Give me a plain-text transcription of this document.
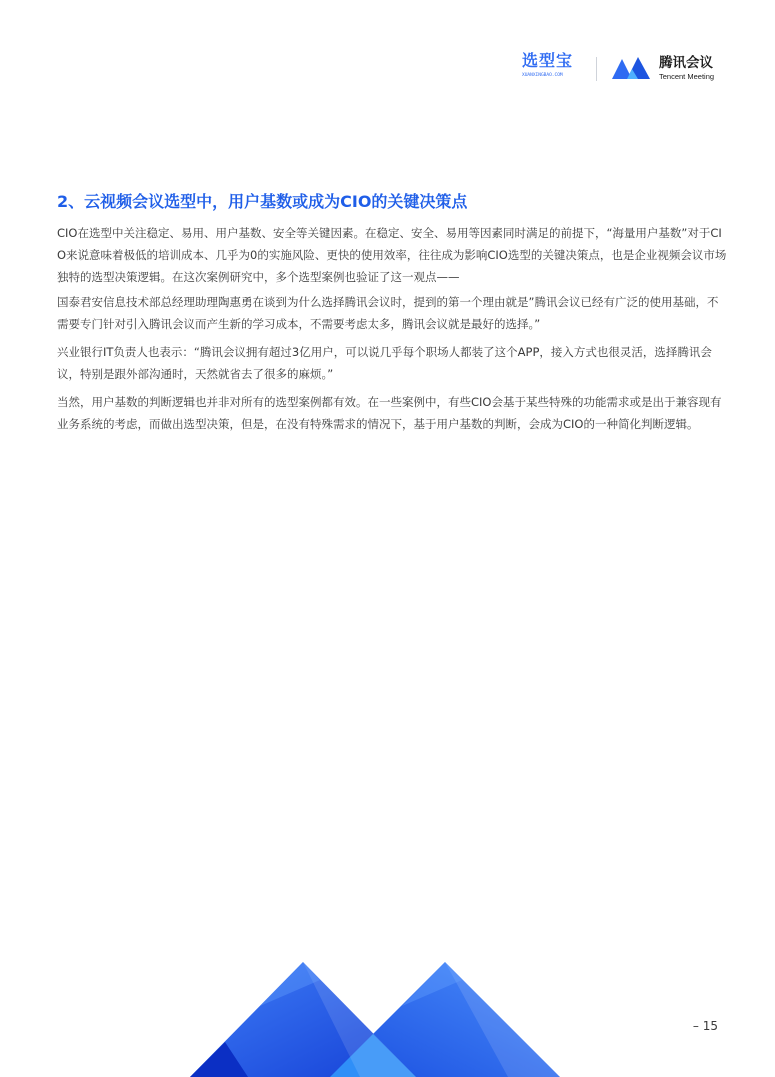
选型宝
XUANXINGBAO.COM
腾讯会议
Tencent Meeting
2、云视频会议选型中，用户基数或成为CIO的关键决策点

CIO在选型中关注稳定、易用、用户基数、安全等关键因素。在稳定、安全、易用等因素同时满足的前提下，“海量用户基数”对于CIO来说意味着极低的培训成本、几乎为0的实施风险、更快的使用效率，往往成为影响CIO选型的关键决策点，也是企业视频会议市场独特的选型决策逻辑。在这次案例研究中，多个选型案例也验证了这一观点——

国泰君安信息技术部总经理助理陶惠勇在谈到为什么选择腾讯会议时，提到的第一个理由就是”腾讯会议已经有广泛的使用基础，不需要专门针对引入腾讯会议而产生新的学习成本，不需要考虑太多，腾讯会议就是最好的选择。”

兴业银行IT负责人也表示：“腾讯会议拥有超过3亿用户，可以说几乎每个职场人都装了这个APP，接入方式也很灵活，选择腾讯会议，特别是跟外部沟通时，天然就省去了很多的麻烦。”

当然，用户基数的判断逻辑也并非对所有的选型案例都有效。在一些案例中，有些CIO会基于某些特殊的功能需求或是出于兼容现有业务系统的考虑，而做出选型决策，但是，在没有特殊需求的情况下，基于用户基数的判断，会成为CIO的一种简化判断逻辑。

– 15
